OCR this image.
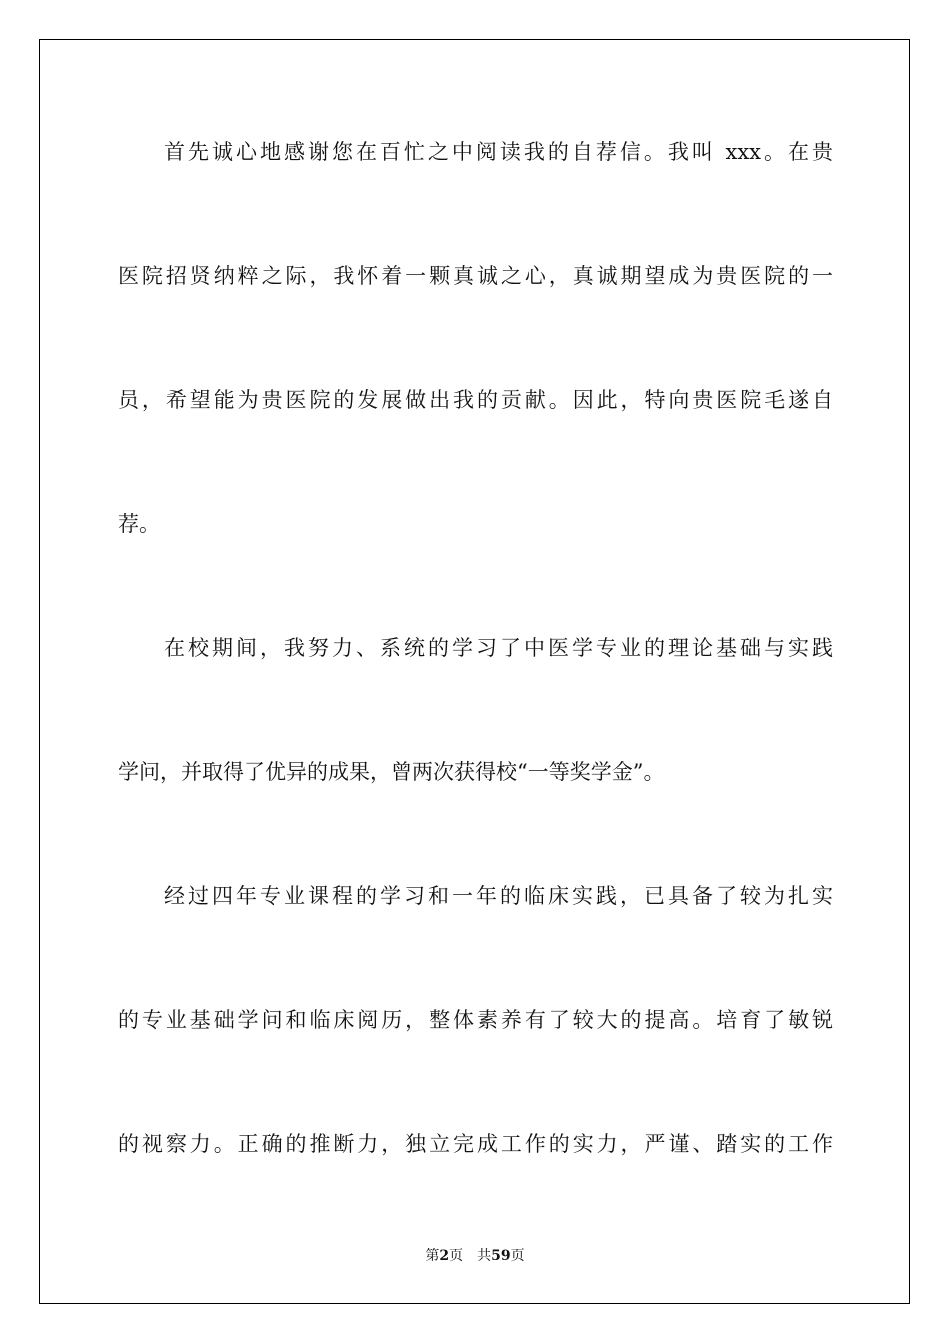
首先诚心地感谢您在百忙之中阅读我的自荐信。我叫 xxx。在贵
医院招贤纳粹之际，我怀着一颗真诚之心，真诚期望成为贵医院的一
员，希望能为贵医院的发展做出我的贡献。因此，特向贵医院毛遂自
荐。
在校期间，我努力、系统的学习了中医学专业的理论基础与实践
学问，并取得了优异的成果，曾两次获得校“一等奖学金”。
经过四年专业课程的学习和一年的临床实践，已具备了较为扎实
的专业基础学问和临床阅历，整体素养有了较大的提高。培育了敏锐
的视察力。正确的推断力，独立完成工作的实力，严谨、踏实的工作
第2页 共59页
